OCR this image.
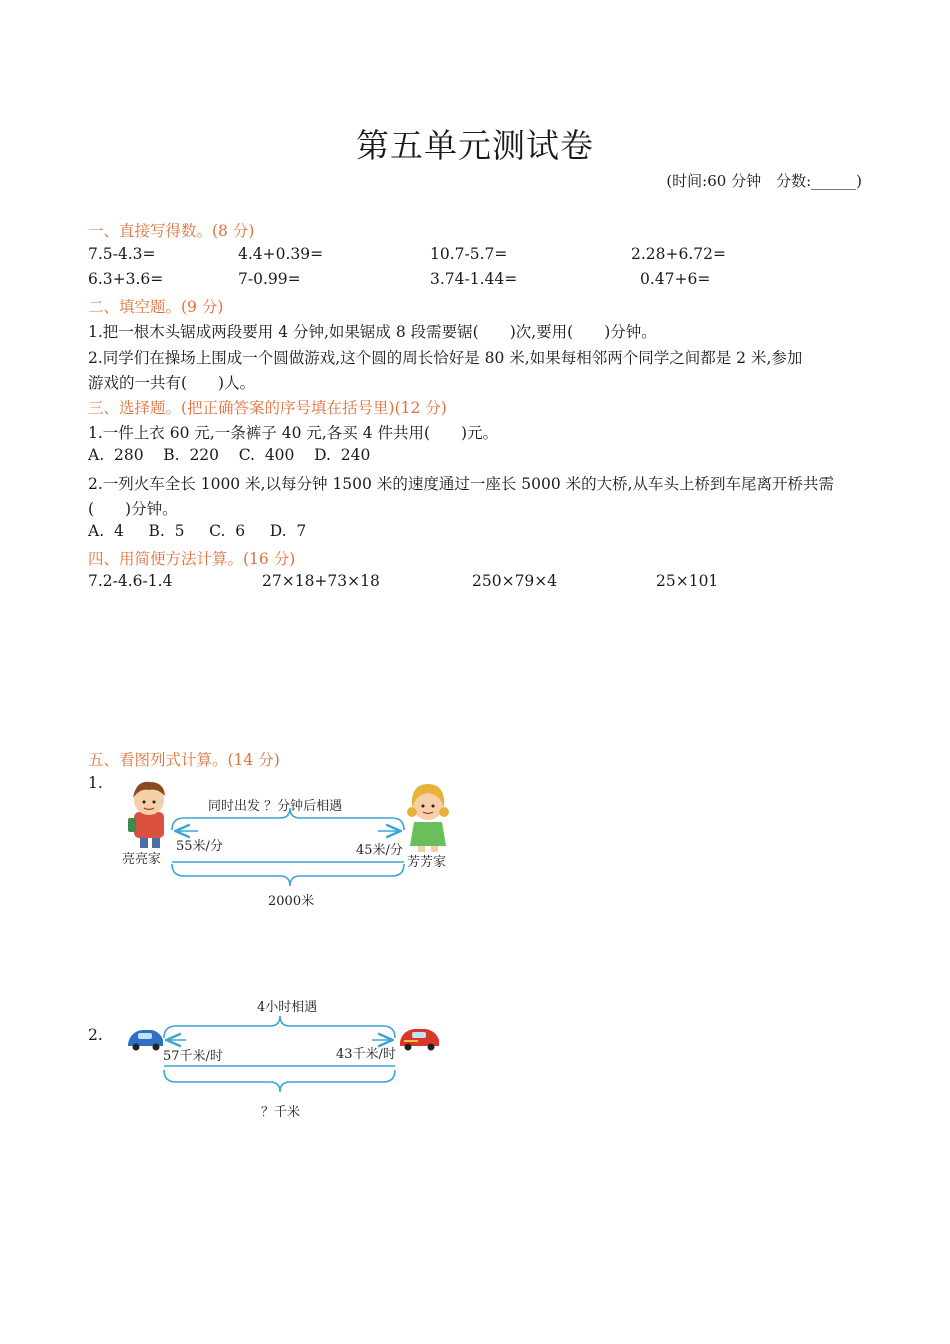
第五单元测试卷
(时间:60 分钟　分数:______)
一、直接写得数。(8 分)
7.5-4.3=	4.4+0.39=	10.7-5.7=	2.28+6.72=
6.3+3.6=	7-0.99=	3.74-1.44=	0.47+6=
二、填空题。(9 分)
1.把一根木头锯成两段要用 4 分钟,如果锯成 8 段需要锯(　　)次,要用(　　)分钟。
2.同学们在操场上围成一个圆做游戏,这个圆的周长恰好是 80 米,如果每相邻两个同学之间都是 2 米,参加
游戏的一共有(　　)人。
三、选择题。(把正确答案的序号填在括号里)(12 分)
1.一件上衣 60 元,一条裤子 40 元,各买 4 件共用(　　)元。
A.  280    B.  220    C.  400    D.  240
2.一列火车全长 1000 米,以每分钟 1500 米的速度通过一座长 5000 米的大桥,从车头上桥到车尾离开桥共需
(　　)分钟。
A.  4     B.  5     C.  6     D.  7
四、用简便方法计算。(16 分)
7.2-4.6-1.4	27×18+73×18	250×79×4	25×101
五、看图列式计算。(14 分)
1.
同时出发 ？分钟后相遇
55米/分	45米/分
亮亮家	芳芳家
2000米
4小时相遇
2.
57千米/时	43千米/时
？千米
